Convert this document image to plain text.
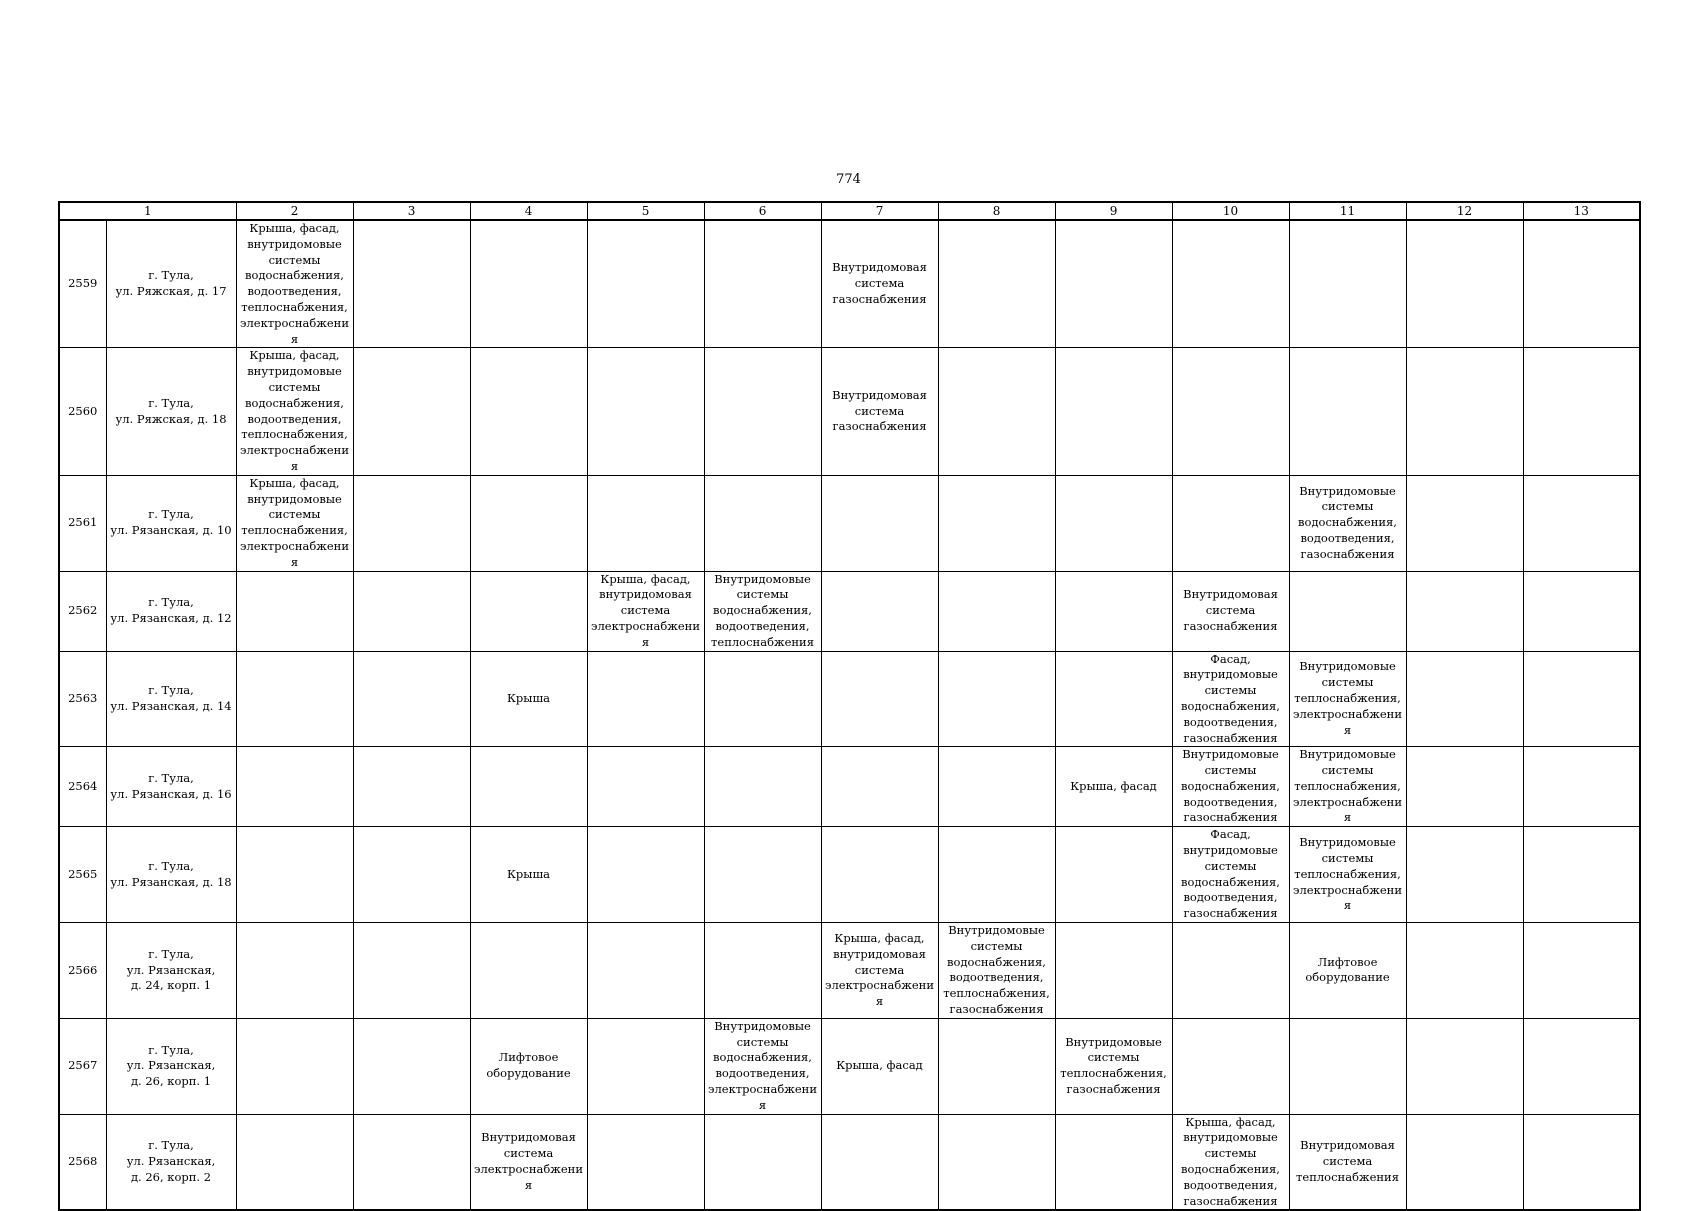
774
1		2	3	4	5	6	7	8	9	10	11	12	13
2559	г. Тула,
ул. Ряжская, д. 17	Крыша, фасад, внутридомовые системы водоснабжения, водоотведения, теплоснабжения, электроснабжения					Внутридомовая система газоснабжения						

2560	г. Тула,
ул. Ряжская, д. 18	Крыша, фасад, внутридомовые системы водоснабжения, водоотведения, теплоснабжения, электроснабжения					Внутридомовая система газоснабжения						

2561	г. Тула,
ул. Рязанская, д. 10	Крыша, фасад, внутридомовые системы теплоснабжения, электроснабжения									Внутридомовые системы водоснабжения, водоотведения, газоснабжения		

2562	г. Тула,
ул. Рязанская, д. 12				Крыша, фасад, внутридомовая система электроснабжения	Внутридомовые системы водоснабжения, водоотведения, теплоснабжения				Внутридомовая система газоснабжения			

2563	г. Тула,
ул. Рязанская, д. 14			Крыша						Фасад, внутридомовые системы водоснабжения, водоотведения, газоснабжения	Внутридомовые системы теплоснабжения, электроснабжения		

2564	г. Тула,
ул. Рязанская, д. 16								Крыша, фасад	Внутридомовые системы водоснабжения, водоотведения, газоснабжения	Внутридомовые системы теплоснабжения, электроснабжения		

2565	г. Тула,
ул. Рязанская, д. 18			Крыша						Фасад, внутридомовые системы водоснабжения, водоотведения, газоснабжения	Внутридомовые системы теплоснабжения, электроснабжения		

2566	г. Тула,
ул. Рязанская,
д. 24, корп. 1						Крыша, фасад, внутридомовая система электроснабжения	Внутридомовые системы водоснабжения, водоотведения, теплоснабжения, газоснабжения			Лифтовое оборудование		

2567	г. Тула,
ул. Рязанская,
д. 26, корп. 1			Лифтовое оборудование		Внутридомовые системы водоснабжения, водоотведения, электроснабжения	Крыша, фасад		Внутридомовые системы теплоснабжения, газоснабжения				

2568	г. Тула,
ул. Рязанская,
д. 26, корп. 2			Внутридомовая система электроснабжения						Крыша, фасад, внутридомовые системы водоснабжения, водоотведения, газоснабжения	Внутридомовая система теплоснабжения		
